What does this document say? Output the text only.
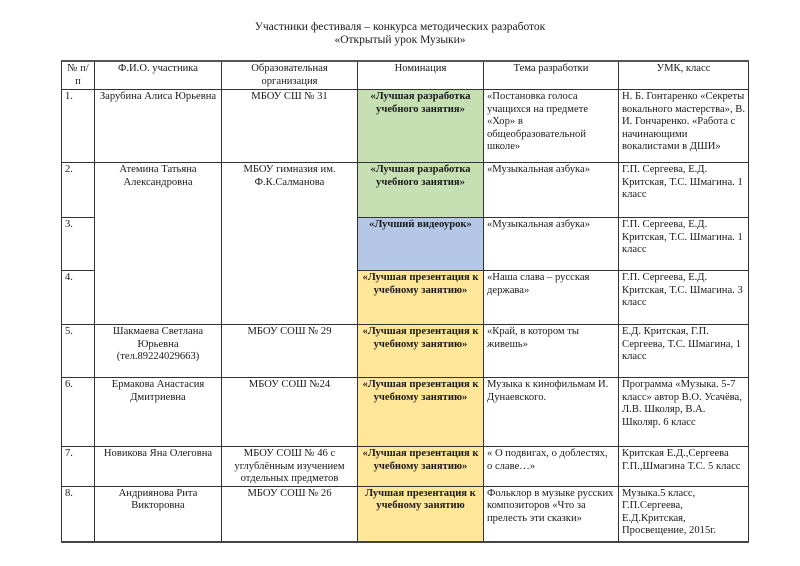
Участники фестиваля – конкурса методических разработок
«Открытый урок Музыки»
№ п/п	Ф.И.О. участника	Образовательная организация	Номинация	Тема разработки	УМК, класс
1.	Зарубина Алиса Юрьевна	МБОУ СШ № 31	«Лучшая разработка учебного занятия»	«Постановка голоса учащихся на предмете «Хор» в общеобразовательной школе»	Н. Б. Гонтаренко «Секреты вокального мастерства», В. И. Гончаренко. «Работа с начинающими вокалистами в ДШИ»
2.	Атемина Татьяна Александровна	МБОУ гимназия им. Ф.К.Салманова	«Лучшая разработка учебного занятия»	«Музыкальная азбука»	Г.П. Сергеева, Е.Д. Критская, Т.С. Шмагина. 1 класс
3.			«Лучший видеоурок»	«Музыкальная азбука»	Г.П. Сергеева, Е.Д. Критская, Т.С. Шмагина. 1 класс
4.			«Лучшая презентация к учебному занятию»	«Наша слава – русская держава»	Г.П. Сергеева, Е.Д. Критская, Т.С. Шмагина. 3 класс
5.	Шакмаева Светлана Юрьевна (тел.89224029663)	МБОУ СОШ № 29	«Лучшая презентация к учебному занятию»	«Край, в котором ты живешь»	Е.Д. Критская, Г.П. Сергеева, Т.С. Шмагина, 1 класс
6.	Ермакова Анастасия Дмитриевна	МБОУ СОШ №24	«Лучшая презентация к учебному занятию»	Музыка к кинофильмам И. Дунаевского.	Программа «Музыка. 5-7 класс» автор В.О. Усачёва, Л.В. Школяр, В.А. Школяр. 6 класс
7.	Новикова Яна Олеговна	МБОУ СОШ № 46 с углублённым изучением отдельных предметов	«Лучшая презентация к учебному занятию»	« О подвигах, о доблестях, о славе…»	Критская Е.Д.,Сергеева Г.П.,Шмагина Т.С. 5 класс
8.	Андриянова Рита Викторовна	МБОУ СОШ № 26	Лучшая презентация к учебному занятию	Фольклор в музыке русских композиторов «Что за прелесть эти сказки»	Музыка.5 класс, Г.П.Сергеева, Е.Д.Критская, Просвещение, 2015г.
